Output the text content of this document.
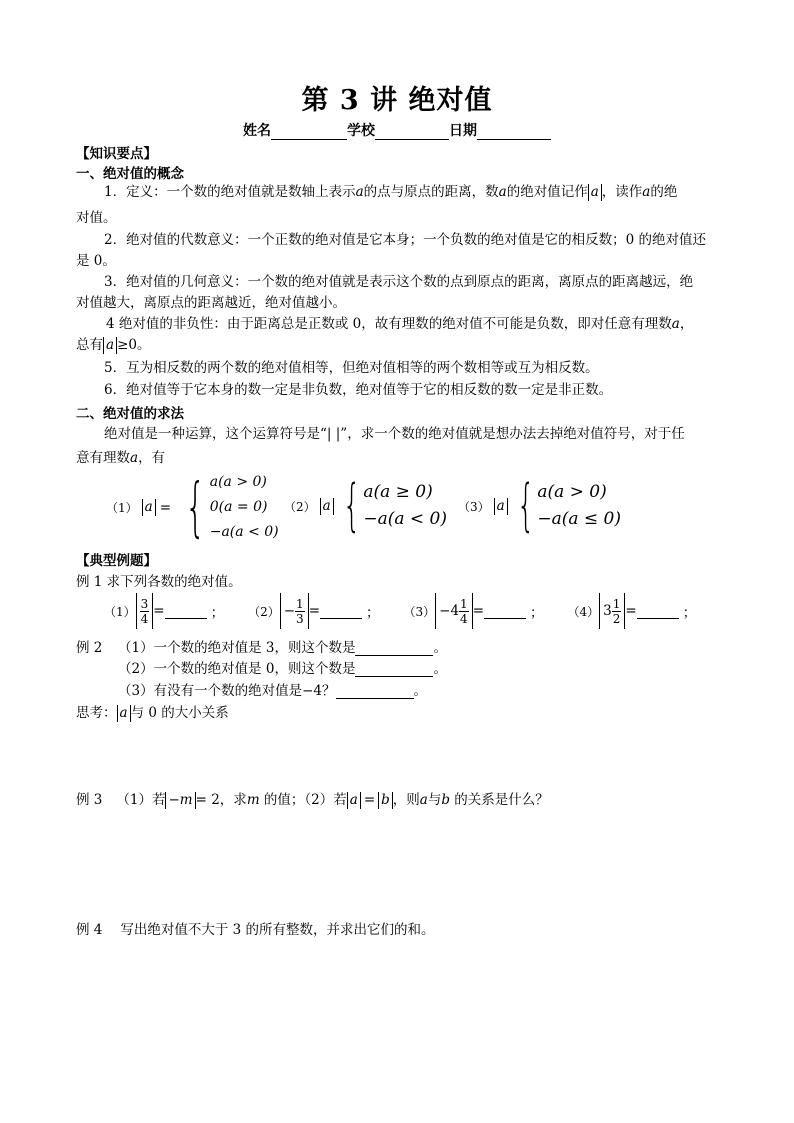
第 3 讲 绝对值
姓名	学校	日期
【知识要点】
一、绝对值的概念
1．定义：一个数的绝对值就是数轴上表示a的点与原点的距离，数a的绝对值记作 a ，读作a的绝
对值。
2．绝对值的代数意义：一个正数的绝对值是它本身；一个负数的绝对值是它的相反数；0 的绝对值还
是 0。
3．绝对值的几何意义：一个数的绝对值就是表示这个数的点到原点的距离，离原点的距离越远，绝
对值越大，离原点的距离越近，绝对值越小。
4 绝对值的非负性：由于距离总是正数或 0，故有理数的绝对值不可能是负数，即对任意有理数a，
总有 a ≥0。
5．互为相反数的两个数的绝对值相等，但绝对值相等的两个数相等或互为相反数。
6．绝对值等于它本身的数一定是非负数，绝对值等于它的相反数的数一定是非正数。
二、绝对值的求法
绝对值是一种运算，这个运算符号是“| |”，求一个数的绝对值就是想办法去掉绝对值符号，对于任
意有理数a，有
（1） a = { a(a > 0)
0(a = 0)
−a(a < 0)
（2） a { a(a ≥ 0)
−a(a < 0)
（3） a { a(a > 0)
−a(a ≤ 0)
【典型例题】
例 1 求下列各数的绝对值。
$(1) \frac{3}{4}$ =	； $(2) - \frac{1}{3}$ =	； $(3) -4 \frac{1}{4}$ =	； （4） $3 \frac{1}{2}$ =	；
例 2 （1）一个数的绝对值是 3，则这个数是	。
（2）一个数的绝对值是 0，则这个数是	。
（3）有没有一个数的绝对值是−4？	。
思考： a 与 0 的大小关系
例 3 （1）若 −m = 2，求m 的值；（2）若 a = b ，则a与b 的关系是什么？
例 4 写出绝对值不大于 3 的所有整数，并求出它们的和。
